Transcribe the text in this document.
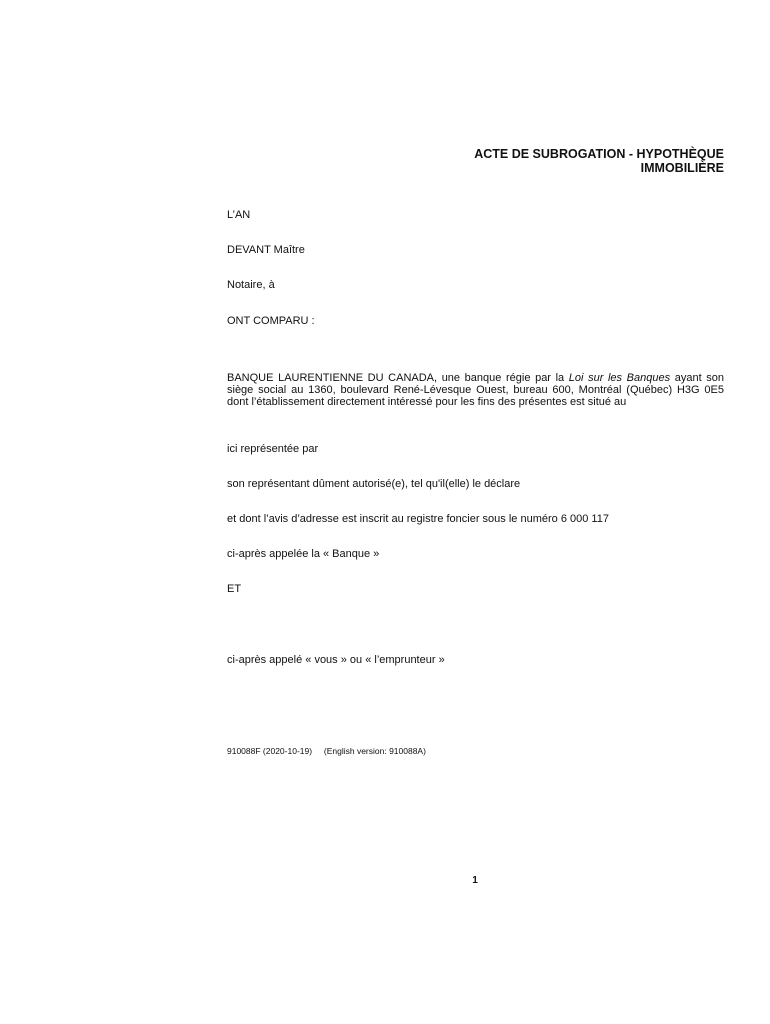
ACTE DE SUBROGATION - HYPOTHÈQUE
IMMOBILIÈRE
L’AN
DEVANT Maître
Notaire, à
ONT COMPARU :
BANQUE LAURENTIENNE DU CANADA, une banque régie par la Loi sur les Banques ayant son siège social au 1360, boulevard René-Lévesque Ouest, bureau 600, Montréal (Québec) H3G 0E5 dont l’établissement directement intéressé pour les fins des présentes est situé au
ici représentée par
son représentant dûment autorisé(e), tel qu'il(elle) le déclare
et dont l’avis d’adresse est inscrit au registre foncier sous le numéro 6 000 117
ci-après appelée la « Banque »
ET
ci-après appelé « vous » ou « l’emprunteur »
910088F (2020-10-19) (English version: 910088A)
1
